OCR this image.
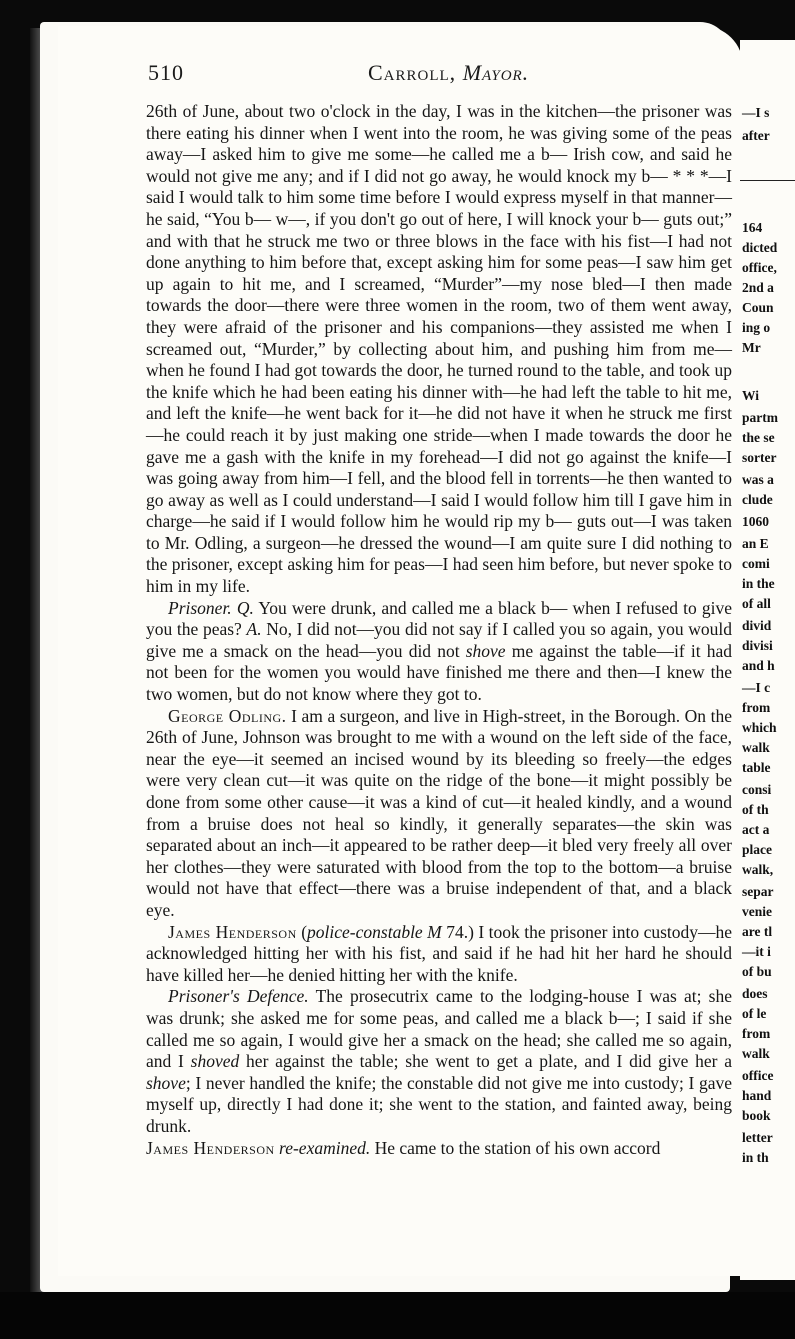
510	Carroll, Mayor.

26th of June, about two o'clock in the day, I was in the kitchen—the prisoner was there eating his dinner when I went into the room, he was giving some of the peas away—I asked him to give me some—he called me a b— Irish cow, and said he would not give me any; and if I did not go away, he would knock my b— * * *—I said I would talk to him some time before I would express myself in that manner—he said, “You b— w—, if you don't go out of here, I will knock your b— guts out;” and with that he struck me two or three blows in the face with his fist—I had not done anything to him before that, except asking him for some peas—I saw him get up again to hit me, and I screamed, “Murder”—my nose bled—I then made towards the door—there were three women in the room, two of them went away, they were afraid of the prisoner and his companions—they assisted me when I screamed out, “Murder,” by collecting about him, and pushing him from me—when he found I had got towards the door, he turned round to the table, and took up the knife which he had been eating his dinner with—he had left the table to hit me, and left the knife—he went back for it—he did not have it when he struck me first—he could reach it by just making one stride—when I made towards the door he gave me a gash with the knife in my forehead—I did not go against the knife—I was going away from him—I fell, and the blood fell in torrents—he then wanted to go away as well as I could understand—I said I would follow him till I gave him in charge—he said if I would follow him he would rip my b— guts out—I was taken to Mr. Odling, a surgeon—he dressed the wound—I am quite sure I did nothing to the prisoner, except asking him for peas—I had seen him before, but never spoke to him in my life.

Prisoner. Q. You were drunk, and called me a black b— when I refused to give you the peas? A. No, I did not—you did not say if I called you so again, you would give me a smack on the head—you did not shove me against the table—if it had not been for the women you would have finished me there and then—I knew the two women, but do not know where they got to.

George Odling. I am a surgeon, and live in High-street, in the Borough. On the 26th of June, Johnson was brought to me with a wound on the left side of the face, near the eye—it seemed an incised wound by its bleeding so freely—the edges were very clean cut—it was quite on the ridge of the bone—it might possibly be done from some other cause—it was a kind of cut—it healed kindly, and a wound from a bruise does not heal so kindly, it generally separates—the skin was separated about an inch—it appeared to be rather deep—it bled very freely all over her clothes—they were saturated with blood from the top to the bottom—a bruise would not have that effect—there was a bruise independent of that, and a black eye.

James Henderson (police-constable M 74.) I took the prisoner into custody—he acknowledged hitting her with his fist, and said if he had hit her hard he should have killed her—he denied hitting her with the knife.

Prisoner's Defence. The prosecutrix came to the lodging-house I was at; she was drunk; she asked me for some peas, and called me a black b—; I said if she called me so again, I would give her a smack on the head; she called me so again, and I shoved her against the table; she went to get a plate, and I did give her a shove; I never handled the knife; the constable did not give me into custody; I gave myself up, directly I had done it; she went to the station, and fainted away, being drunk.

James Henderson re-examined. He came to the station of his own accord

—I s
after
164
dicted
office,
2nd a
Coun
ing o
Mr
Wi
partm
the se
sorter
was a
clude
1060
an E
comi
in the
of all
divid
divisi
and h
—I c
from
which
walk
table
consi
of th
act a
place
walk,
separ
venie
are tl
—it i
of bu
does
of le
from
walk
office
hand
book
letter
in th
